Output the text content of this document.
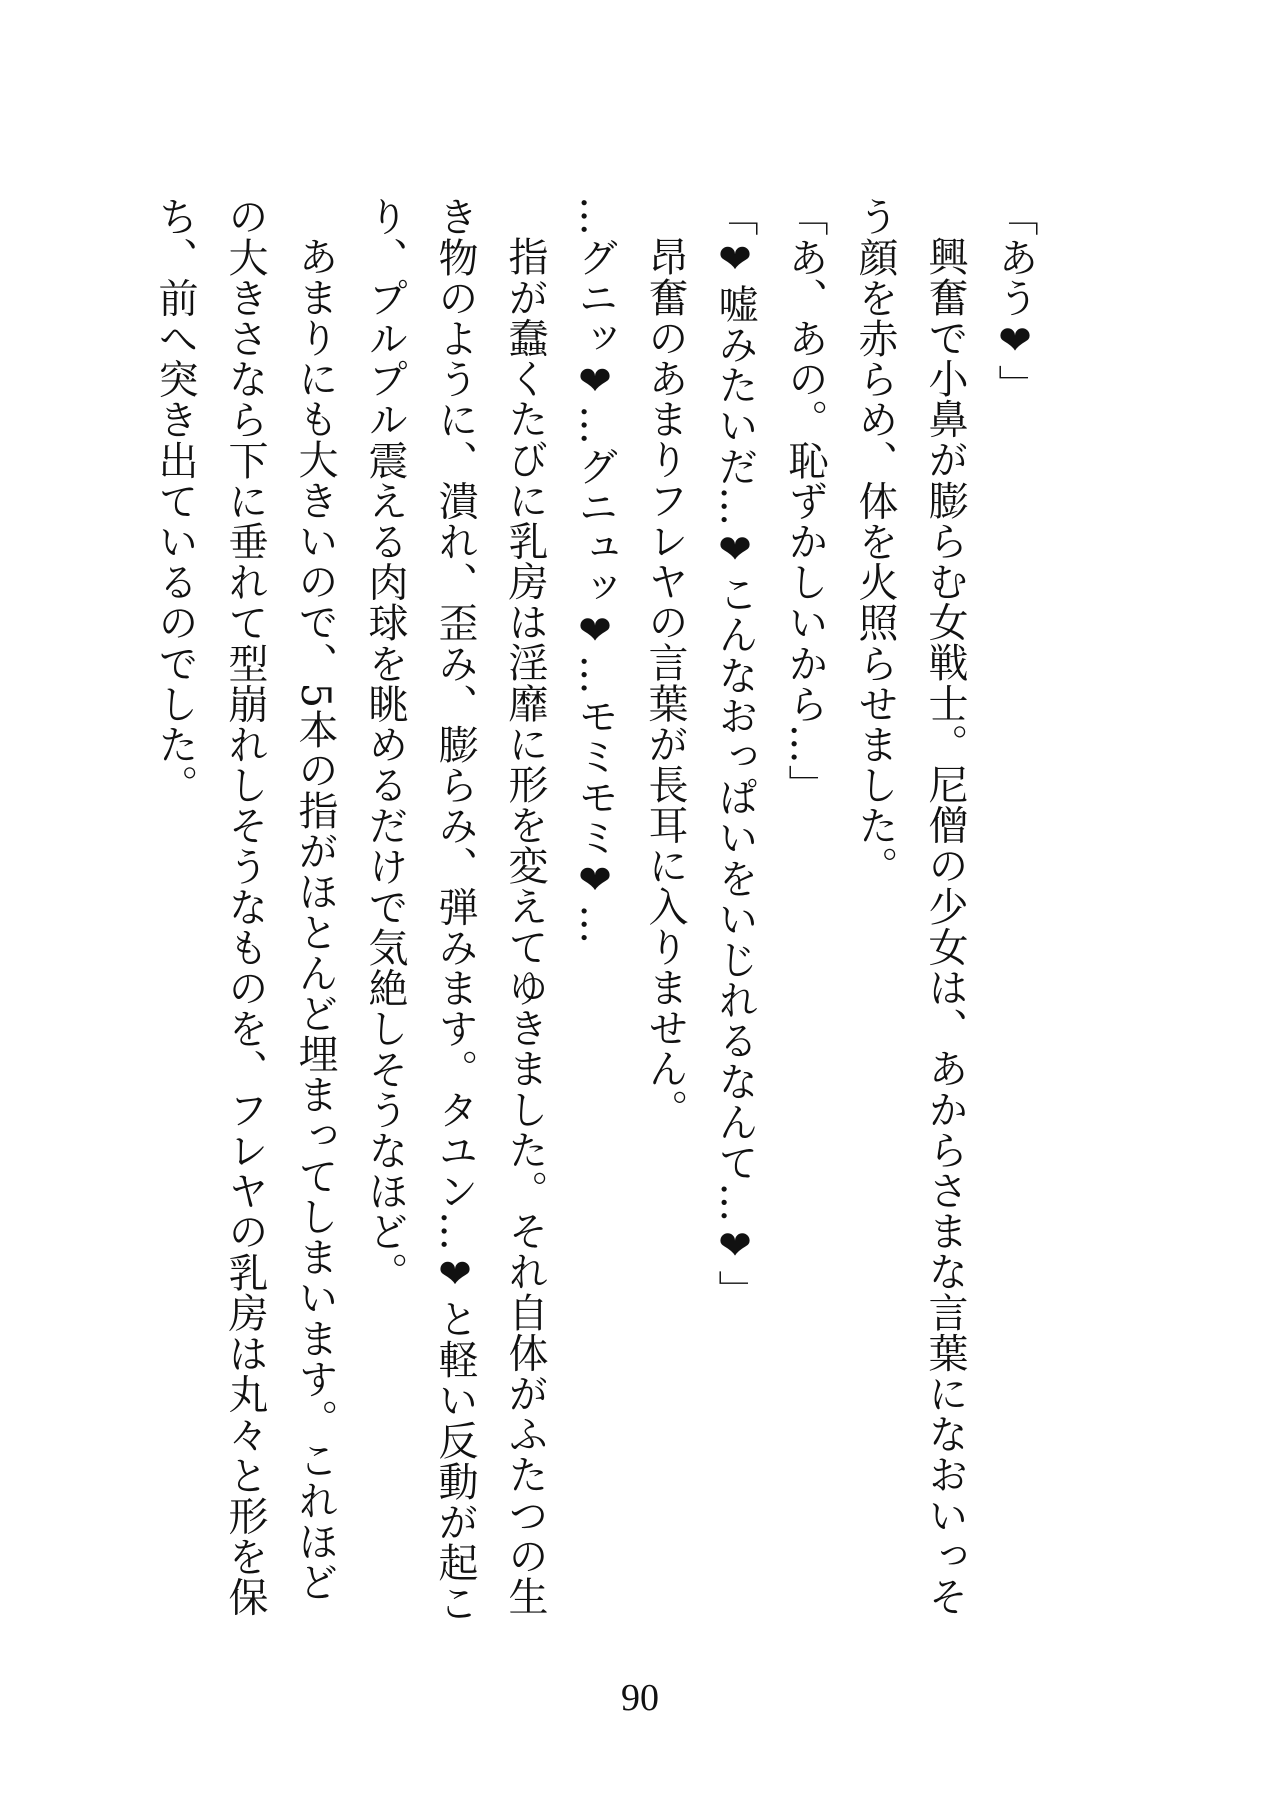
「あう❤」

興奮で小鼻が膨らむ女戦士。尼僧の少女は、あからさまな言葉になおいっそう顔を赤らめ、体を火照らせました。

「あ、あの。恥ずかしいから…」

「❤嘘みたいだ…❤こんなおっぱいをいじれるなんて…❤」

昂奮のあまりフレヤの言葉が長耳に入りません。

…グニッ❤…グニュッ❤…モミモミ❤…

指が蠢くたびに乳房は淫靡に形を変えてゆきました。それ自体がふたつの生き物のように、潰れ、歪み、膨らみ、弾みます。タユン…❤と軽い反動が起こり、プルプル震える肉球を眺めるだけで気絶しそうなほど。

あまりにも大きいので、5本の指がほとんど埋まってしまいます。これほどの大きさなら下に垂れて型崩れしそうなものを、フレヤの乳房は丸々と形を保ち、前へ突き出ているのでした。

90
